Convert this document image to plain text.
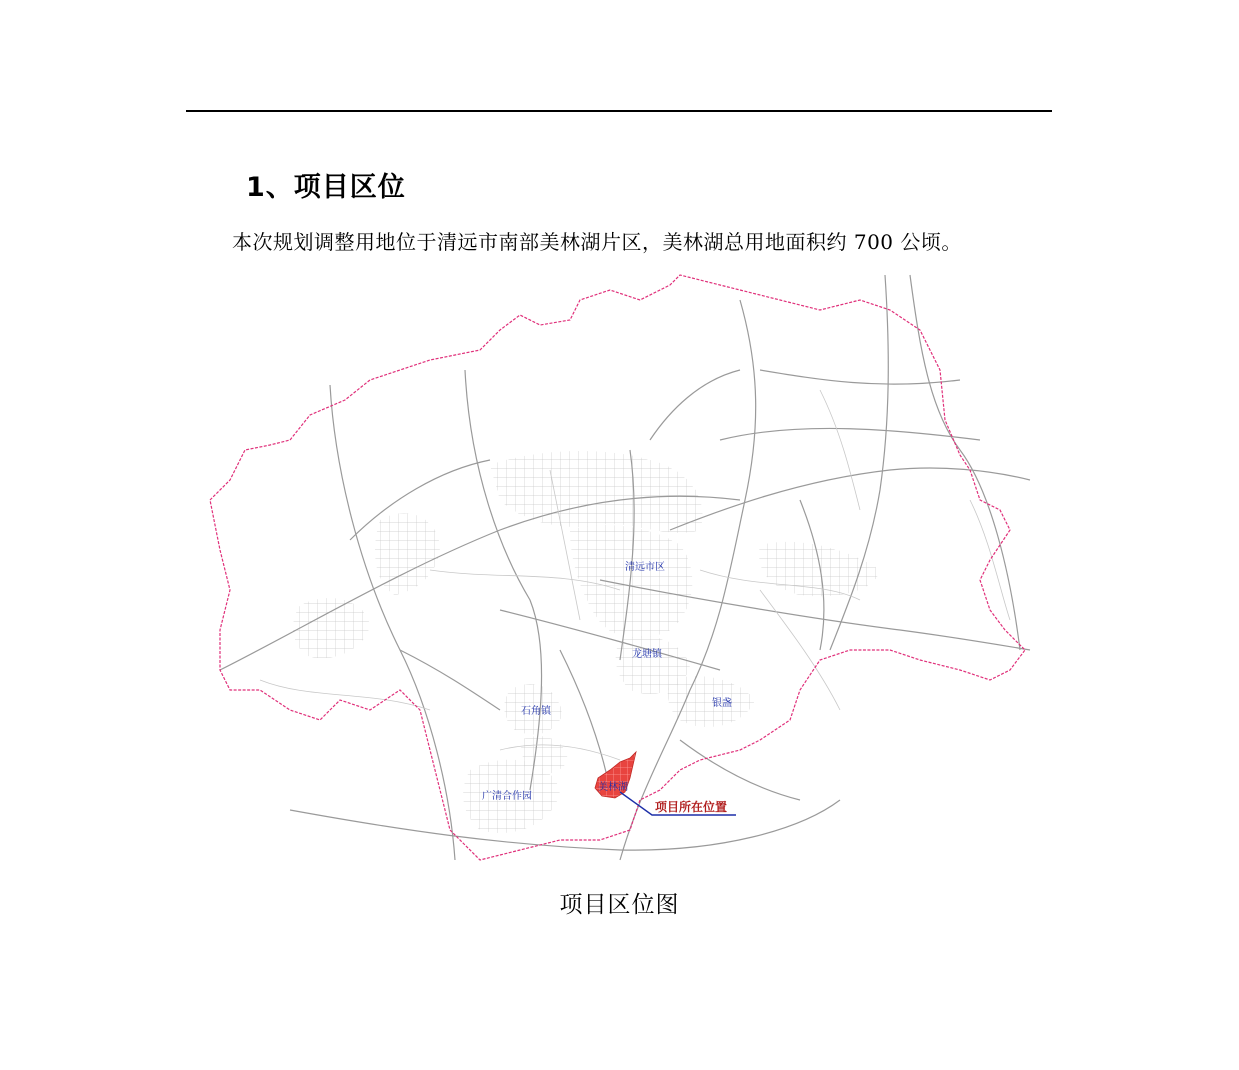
1、项目区位
本次规划调整用地位于清远市南部美林湖片区，美林湖总用地面积约 700 公顷。
清远市区
龙塘镇
石角镇
银盏
广清合作园
美林湖
项目所在位置
项目区位图
